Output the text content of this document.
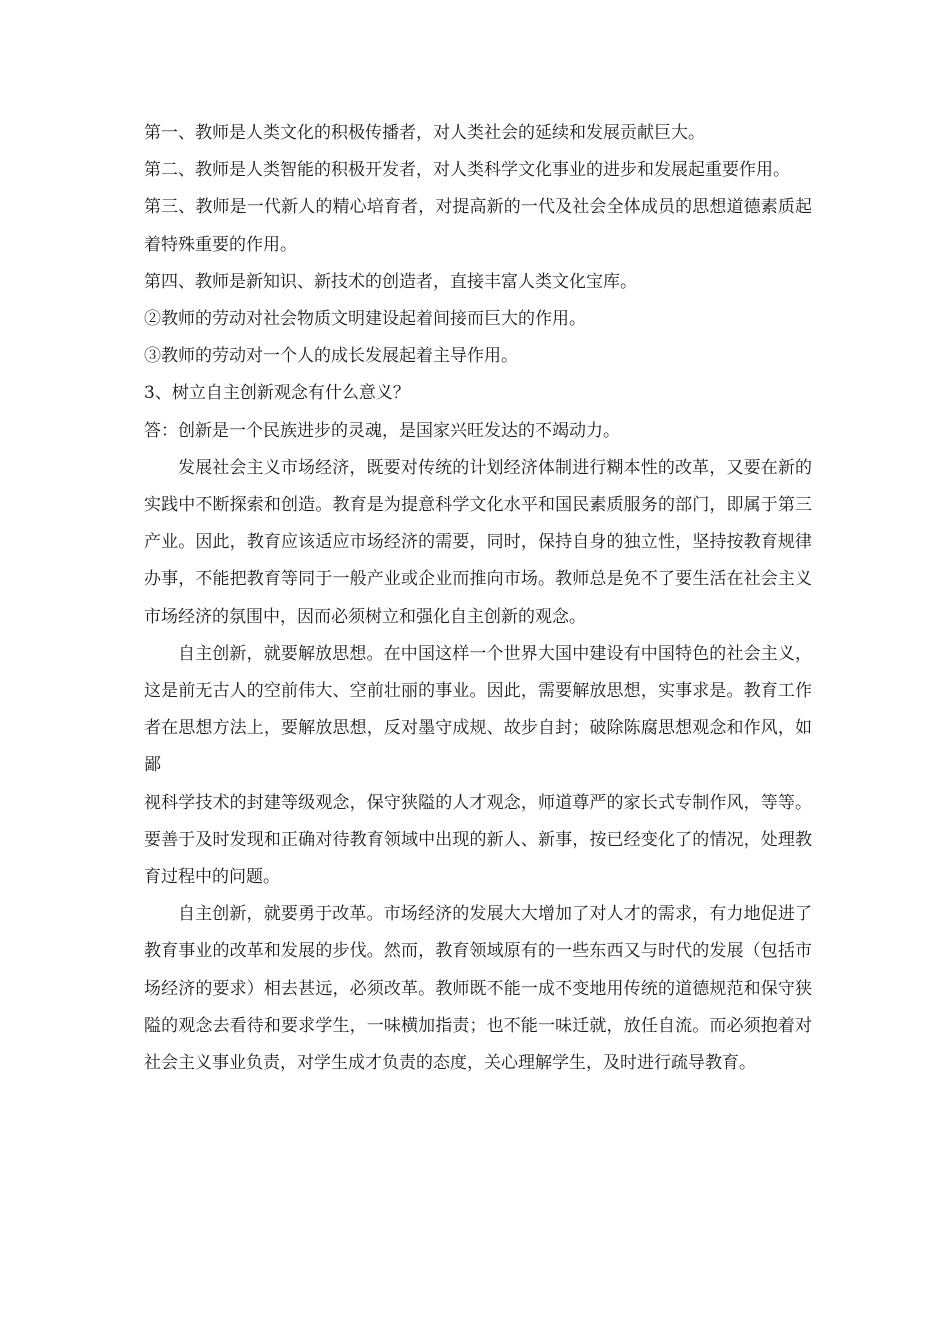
第一、教师是人类文化的积极传播者，对人类社会的延续和发展贡献巨大。

第二、教师是人类智能的积极开发者，对人类科学文化事业的进步和发展起重要作用。

第三、教师是一代新人的精心培育者，对提高新的一代及社会全体成员的思想道德素质起着特殊重要的作用。

第四、教师是新知识、新技术的创造者，直接丰富人类文化宝库。

②教师的劳动对社会物质文明建设起着间接而巨大的作用。

③教师的劳动对一个人的成长发展起着主导作用。

3、树立自主创新观念有什么意义？

答：创新是一个民族进步的灵魂，是国家兴旺发达的不竭动力。

发展社会主义市场经济，既要对传统的计划经济体制进行糊本性的改革，又要在新的实践中不断探索和创造。教育是为提意科学文化水平和国民素质服务的部门，即属于第三产业。因此，教育应该适应市场经济的需要，同时，保持自身的独立性，坚持按教育规律办事，不能把教育等同于一般产业或企业而推向市场。教师总是免不了要生活在社会主义市场经济的氛围中，因而必须树立和强化自主创新的观念。

自主创新，就要解放思想。在中国这样一个世界大国中建设有中国特色的社会主义，这是前无古人的空前伟大、空前壮丽的事业。因此，需要解放思想，实事求是。教育工作者在思想方法上，要解放思想，反对墨守成规、故步自封；破除陈腐思想观念和作风，如鄙

视科学技术的封建等级观念，保守狭隘的人才观念，师道尊严的家长式专制作风，等等。要善于及时发现和正确对待教育领域中出现的新人、新事，按已经变化了的情况，处理教育过程中的问题。

自主创新，就要勇于改革。市场经济的发展大大增加了对人才的需求，有力地促进了教育事业的改革和发展的步伐。然而，教育领域原有的一些东西又与时代的发展（包括市场经济的要求）相去甚远，必须改革。教师既不能一成不变地用传统的道德规范和保守狭隘的观念去看待和要求学生，一味横加指责；也不能一味迁就，放任自流。而必须抱着对社会主义事业负责，对学生成才负责的态度，关心理解学生，及时进行疏导教育。
